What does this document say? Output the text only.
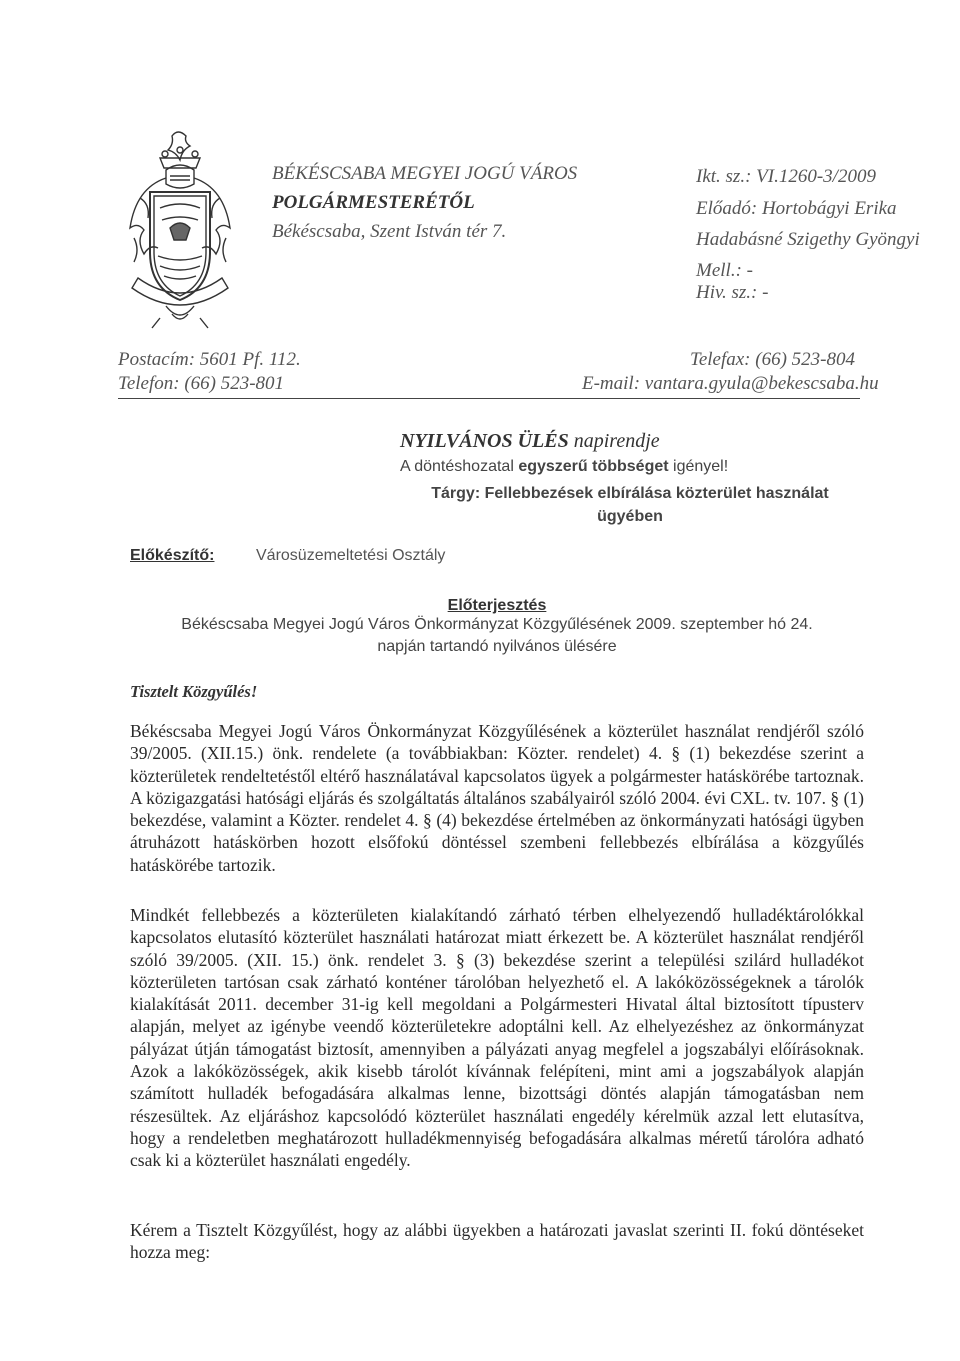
BÉKÉSCSABA MEGYEI JOGÚ VÁROS
POLGÁRMESTERÉTŐL
Békéscsaba, Szent István tér 7.
Ikt. sz.: VI.1260-3/2009
Előadó: Hortobágyi Erika
Hadabásné Szigethy Gyöngyi
Mell.: -
Hiv. sz.: -
Postacím: 5601 Pf. 112.
Telefon: (66) 523-801
Telefax: (66) 523-804
E-mail: vantara.gyula@bekescsaba.hu
NYILVÁNOS ÜLÉS napirendje
A döntéshozatal egyszerű többséget igényel!
Tárgy: Fellebbezések elbírálása közterület használat
ügyében
Előkészítő:	Városüzemeltetési Osztály
Előterjesztés
Békéscsaba Megyei Jogú Város Önkormányzat Közgyűlésének 2009. szeptember hó 24.
napján tartandó nyilvános ülésére
Tisztelt Közgyűlés!
Békéscsaba Megyei Jogú Város Önkormányzat Közgyűlésének a közterület használat rendjéről szóló 39/2005. (XII.15.) önk. rendelete (a továbbiakban: Közter. rendelet) 4. § (1) bekezdése szerint a közterületek rendeltetéstől eltérő használatával kapcsolatos ügyek a polgármester hatáskörébe tartoznak. A közigazgatási hatósági eljárás és szolgáltatás általános szabályairól szóló 2004. évi CXL. tv. 107. § (1) bekezdése, valamint a Közter. rendelet 4. § (4) bekezdése értelmében az önkormányzati hatósági ügyben átruházott hatáskörben hozott elsőfokú döntéssel szembeni fellebbezés elbírálása a közgyűlés hatáskörébe tartozik.
Mindkét fellebbezés a közterületen kialakítandó zárható térben elhelyezendő hulladéktárolókkal kapcsolatos elutasító közterület használati határozat miatt érkezett be. A közterület használat rendjéről szóló 39/2005. (XII. 15.) önk. rendelet 3. § (3) bekezdése szerint a települési szilárd hulladékot közterületen tartósan csak zárható konténer tárolóban helyezhető el. A lakóközösségeknek a tárolók kialakítását 2011. december 31-ig kell megoldani a Polgármesteri Hivatal által biztosított típusterv alapján, melyet az igénybe veendő közterületekre adoptálni kell. Az elhelyezéshez az önkormányzat pályázat útján támogatást biztosít, amennyiben a pályázati anyag megfelel a jogszabályi előírásoknak. Azok a lakóközösségek, akik kisebb tárolót kívánnak felépíteni, mint ami a jogszabályok alapján számított hulladék befogadására alkalmas lenne, bizottsági döntés alapján támogatásban nem részesültek. Az eljáráshoz kapcsolódó közterület használati engedély kérelmük azzal lett elutasítva, hogy a rendeletben meghatározott hulladékmennyiség befogadására alkalmas méretű tárolóra adható csak ki a közterület használati engedély.
Kérem a Tisztelt Közgyűlést, hogy az alábbi ügyekben a határozati javaslat szerinti II. fokú döntéseket hozza meg:
